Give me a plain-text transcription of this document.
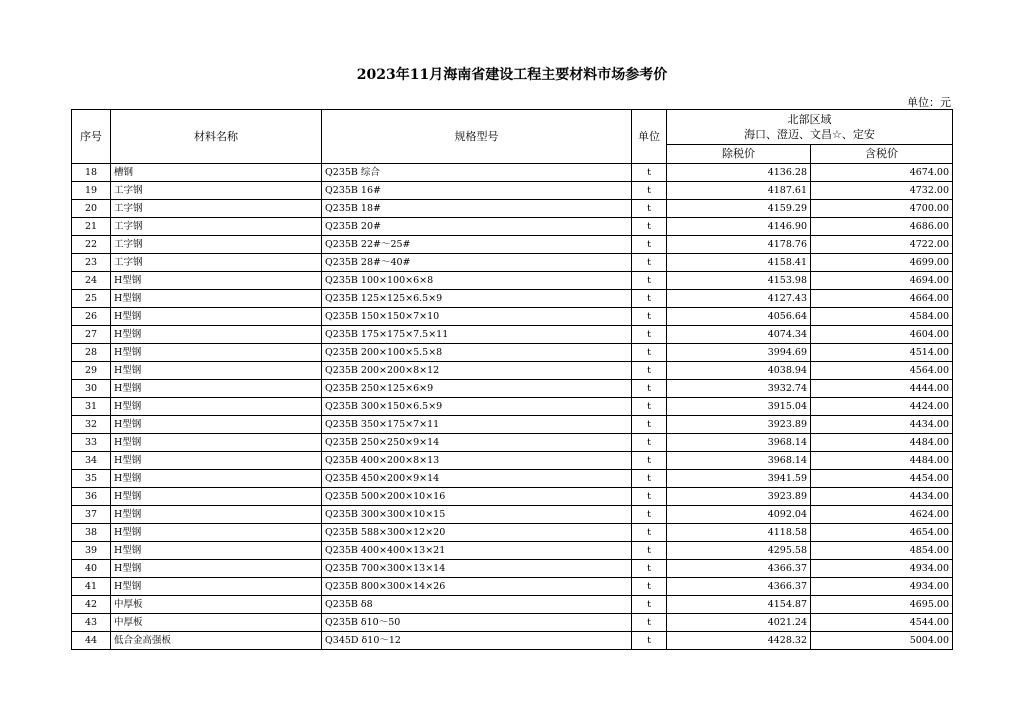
2023年11月海南省建设工程主要材料市场参考价
单位：元
序号	材料名称	规格型号	单位	北部区域
海口、澄迈、文昌☆、定安	

				除税价	含税价
18	槽钢	Q235B 综合	t	4136.28	4674.00
19	工字钢	Q235B 16#	t	4187.61	4732.00
20	工字钢	Q235B 18#	t	4159.29	4700.00
21	工字钢	Q235B 20#	t	4146.90	4686.00
22	工字钢	Q235B 22#～25#	t	4178.76	4722.00
23	工字钢	Q235B 28#～40#	t	4158.41	4699.00
24	H型钢	Q235B 100×100×6×8	t	4153.98	4694.00
25	H型钢	Q235B 125×125×6.5×9	t	4127.43	4664.00
26	H型钢	Q235B 150×150×7×10	t	4056.64	4584.00
27	H型钢	Q235B 175×175×7.5×11	t	4074.34	4604.00
28	H型钢	Q235B 200×100×5.5×8	t	3994.69	4514.00
29	H型钢	Q235B 200×200×8×12	t	4038.94	4564.00
30	H型钢	Q235B 250×125×6×9	t	3932.74	4444.00
31	H型钢	Q235B 300×150×6.5×9	t	3915.04	4424.00
32	H型钢	Q235B 350×175×7×11	t	3923.89	4434.00
33	H型钢	Q235B 250×250×9×14	t	3968.14	4484.00
34	H型钢	Q235B 400×200×8×13	t	3968.14	4484.00
35	H型钢	Q235B 450×200×9×14	t	3941.59	4454.00
36	H型钢	Q235B 500×200×10×16	t	3923.89	4434.00
37	H型钢	Q235B 300×300×10×15	t	4092.04	4624.00
38	H型钢	Q235B 588×300×12×20	t	4118.58	4654.00
39	H型钢	Q235B 400×400×13×21	t	4295.58	4854.00
40	H型钢	Q235B 700×300×13×14	t	4366.37	4934.00
41	H型钢	Q235B 800×300×14×26	t	4366.37	4934.00
42	中厚板	Q235B δ8	t	4154.87	4695.00
43	中厚板	Q235B δ10～50	t	4021.24	4544.00
44	低合金高强板	Q345D δ10～12	t	4428.32	5004.00
